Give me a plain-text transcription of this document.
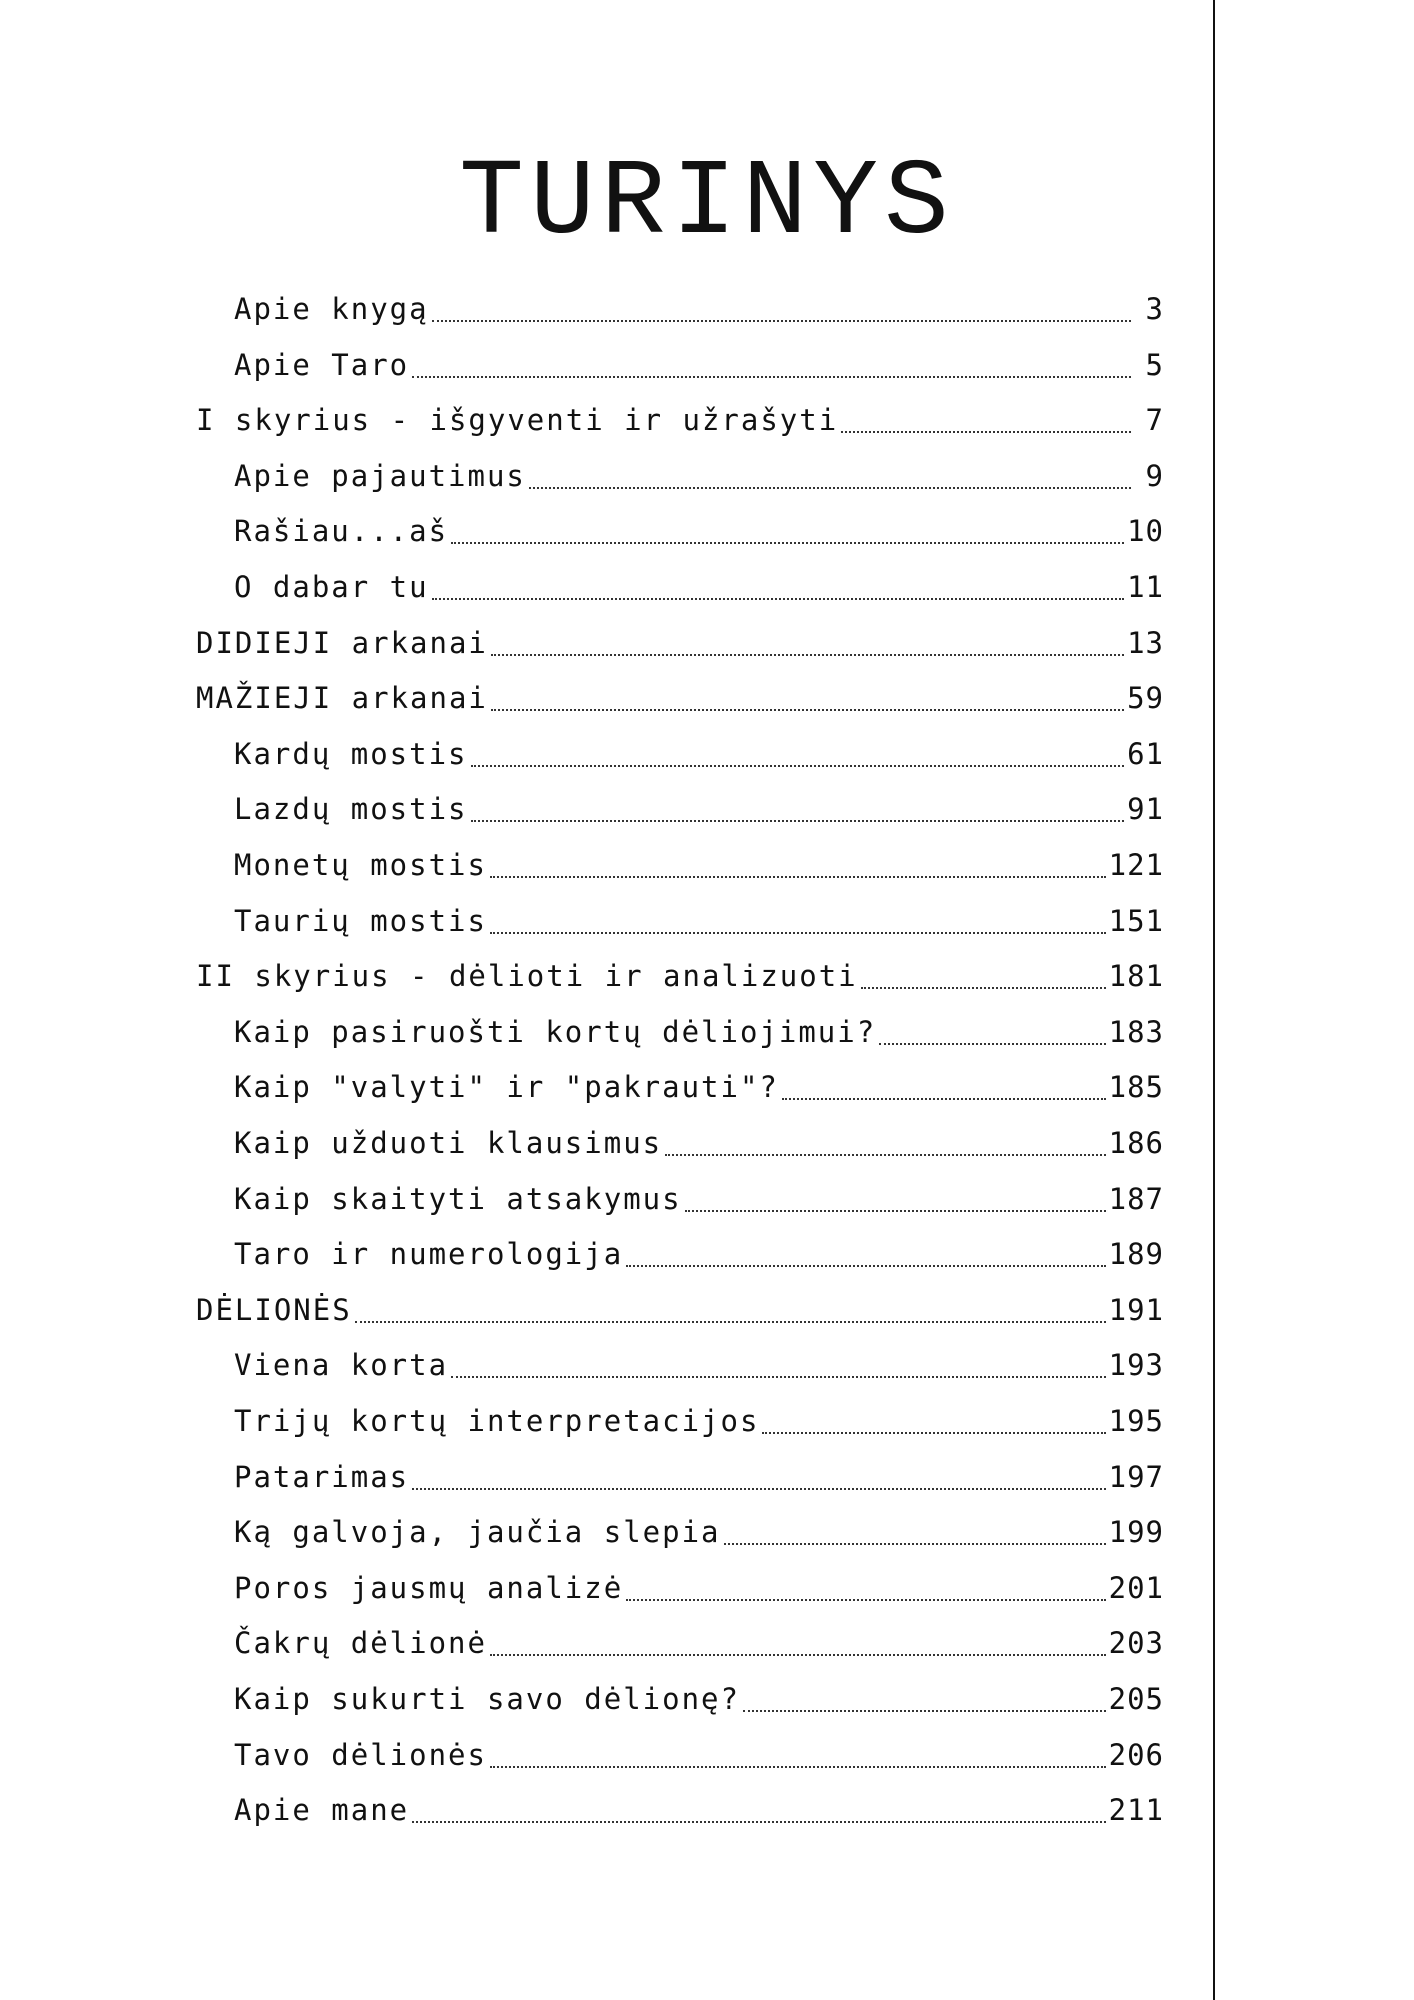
TURINYS
Apie knygą	3
Apie Taro	5
I skyrius - išgyventi ir užrašyti	7
Apie pajautimus	9
Rašiau...aš	10
O dabar tu	11
DIDIEJI arkanai	13
MAŽIEJI arkanai	59
Kardų mostis	61
Lazdų mostis	91
Monetų mostis	121
Taurių mostis	151
II skyrius - dėlioti ir analizuoti	181
Kaip pasiruošti kortų dėliojimui?	183
Kaip "valyti" ir "pakrauti"?	185
Kaip užduoti klausimus	186
Kaip skaityti atsakymus	187
Taro ir numerologija	189
DĖLIONĖS	191
Viena korta	193
Trijų kortų interpretacijos	195
Patarimas	197
Ką galvoja, jaučia slepia	199
Poros jausmų analizė	201
Čakrų dėlionė	203
Kaip sukurti savo dėlionę?	205
Tavo dėlionės	206
Apie mane	211
